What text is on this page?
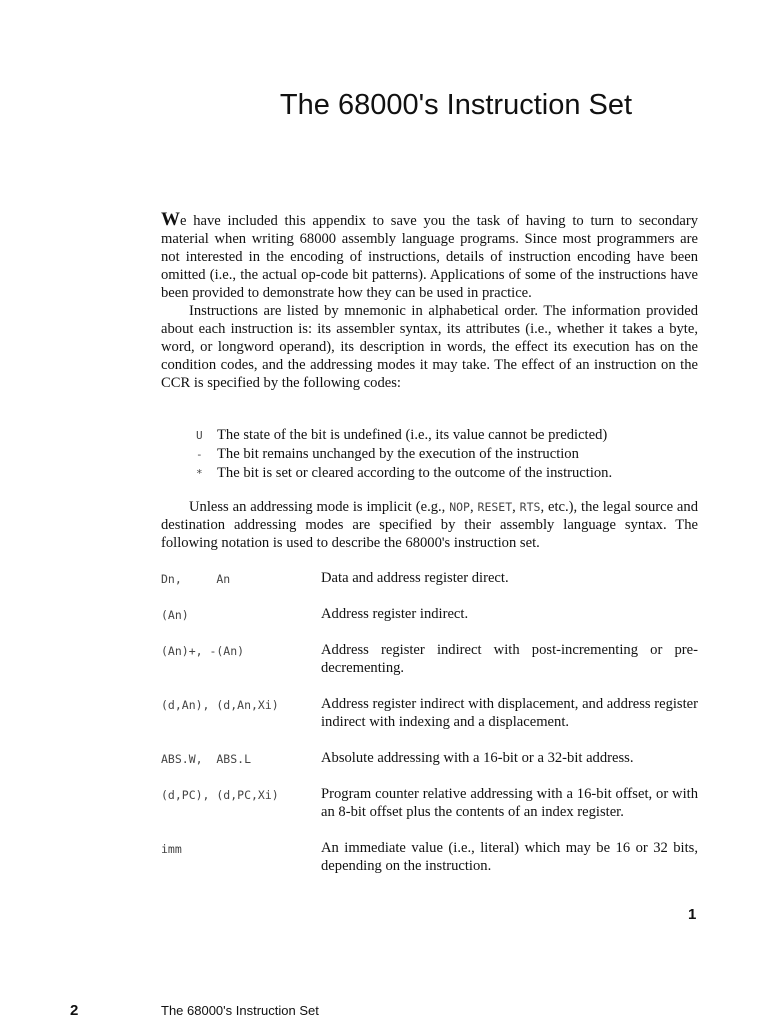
The 68000's Instruction Set

We have included this appendix to save you the task of having to turn to secondary material when writing 68000 assembly language programs. Since most programmers are not interested in the encoding of instructions, details of instruction encoding have been omitted (i.e., the actual op-code bit patterns). Applications of some of the instructions have been provided to demonstrate how they can be used in practice.
Instructions are listed by mnemonic in alphabetical order. The information provided about each instruction is: its assembler syntax, its attributes (i.e., whether it takes a byte, word, or longword operand), its description in words, the effect its execution has on the condition codes, and the addressing modes it may take. The effect of an instruction on the CCR is specified by the following codes:

U The state of the bit is undefined (i.e., its value cannot be predicted)
- The bit remains unchanged by the execution of the instruction
* The bit is set or cleared according to the outcome of the instruction.

Unless an addressing mode is implicit (e.g., NOP, RESET, RTS, etc.), the legal source and destination addressing modes are specified by their assembly language syntax. The following notation is used to describe the 68000's instruction set.

Dn,     An	Data and address register direct.
(An)	Address register indirect.
(An)+, -(An)	Address register indirect with post-incrementing or pre-decrementing.
(d,An), (d,An,Xi)	Address register indirect with displacement, and address register indirect with indexing and a displacement.
ABS.W,  ABS.L	Absolute addressing with a 16-bit or a 32-bit address.
(d,PC), (d,PC,Xi)	Program counter relative addressing with a 16-bit offset, or with an 8-bit offset plus the contents of an index register.
imm	An immediate value (i.e., literal) which may be 16 or 32 bits, depending on the instruction.
1
2	The 68000's Instruction Set
